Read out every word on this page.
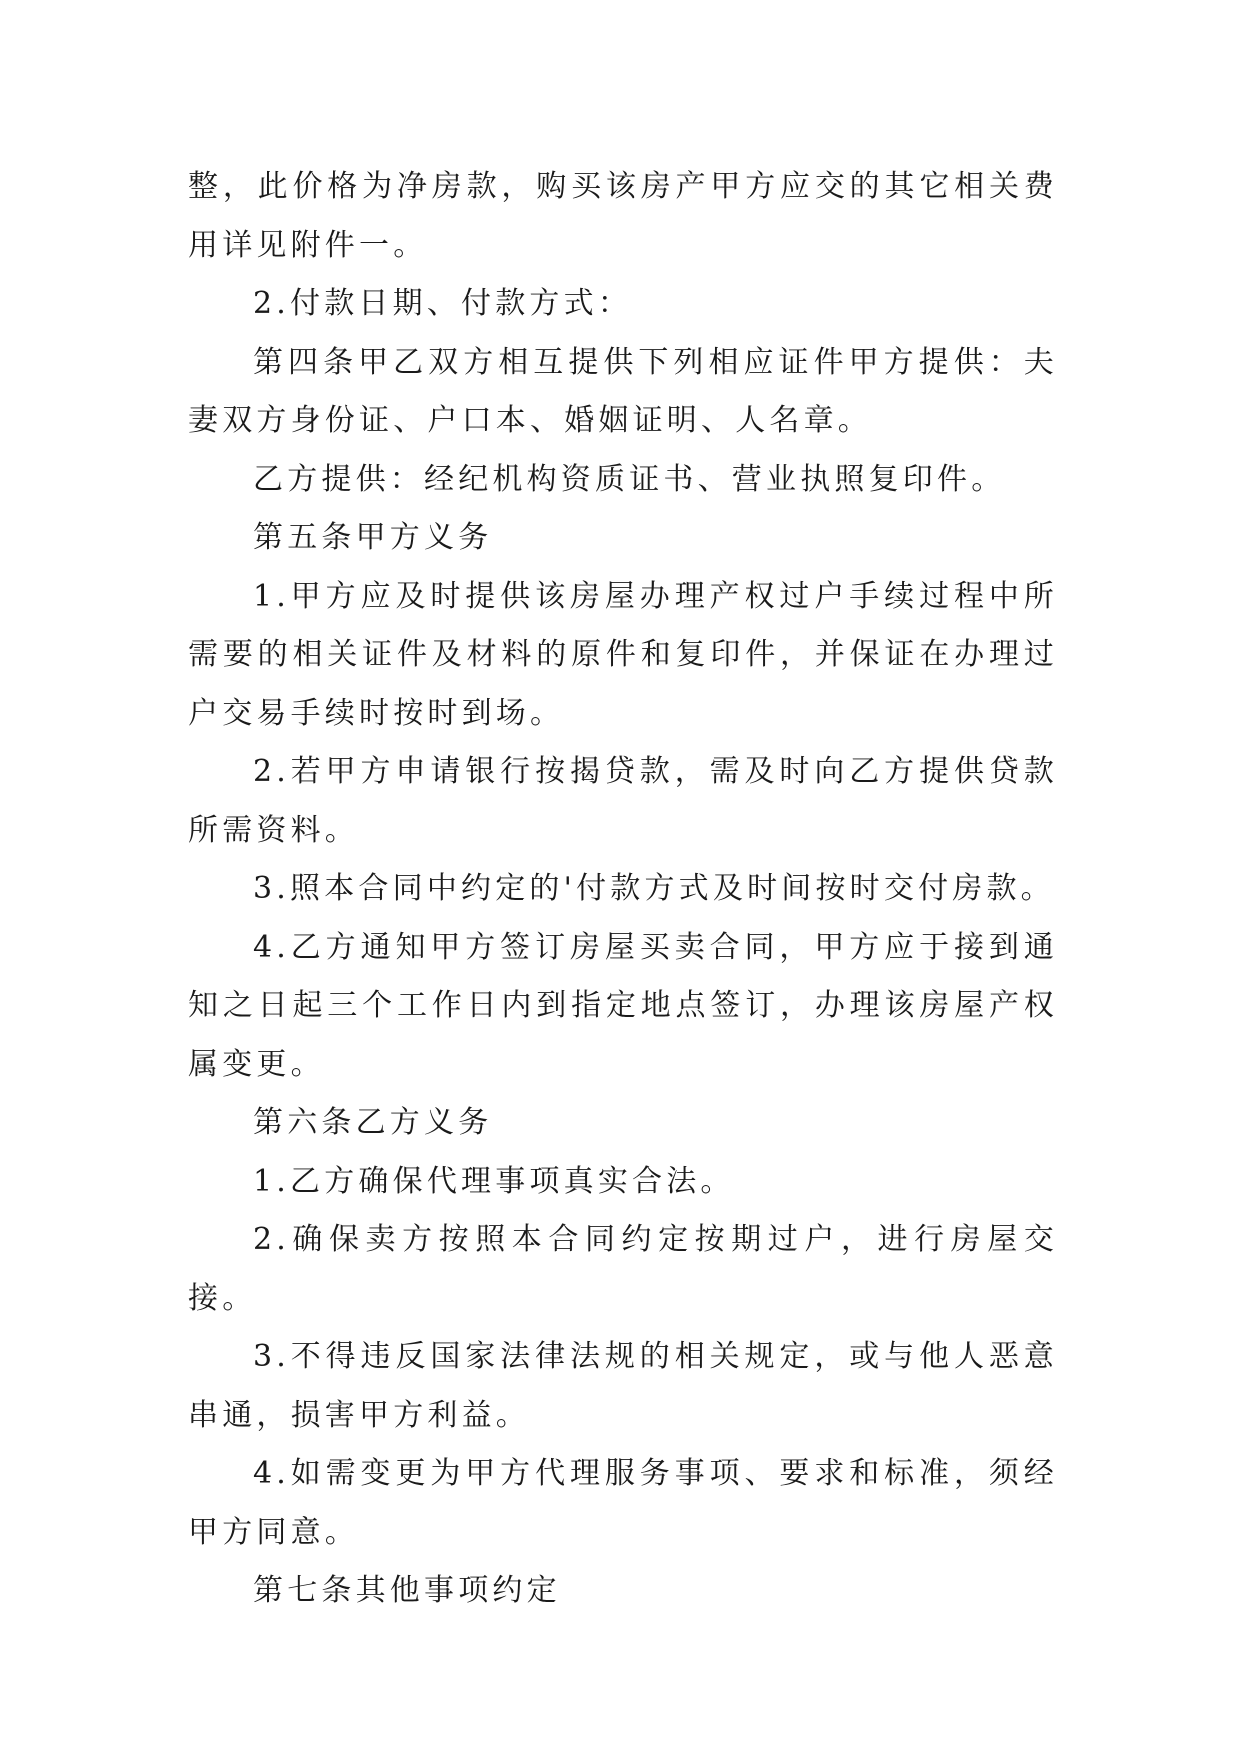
整，此价格为净房款，购买该房产甲方应交的其它相关费用详见附件一。

2.付款日期、付款方式：

第四条甲乙双方相互提供下列相应证件甲方提供：夫妻双方身份证、户口本、婚姻证明、人名章。

乙方提供：经纪机构资质证书、营业执照复印件。

第五条甲方义务

1.甲方应及时提供该房屋办理产权过户手续过程中所需要的相关证件及材料的原件和复印件，并保证在办理过户交易手续时按时到场。

2.若甲方申请银行按揭贷款，需及时向乙方提供贷款所需资料。

3.照本合同中约定的'付款方式及时间按时交付房款。

4.乙方通知甲方签订房屋买卖合同，甲方应于接到通知之日起三个工作日内到指定地点签订，办理该房屋产权属变更。

第六条乙方义务

1.乙方确保代理事项真实合法。

2.确保卖方按照本合同约定按期过户，进行房屋交接。

3.不得违反国家法律法规的相关规定，或与他人恶意串通，损害甲方利益。

4.如需变更为甲方代理服务事项、要求和标准，须经甲方同意。

第七条其他事项约定
